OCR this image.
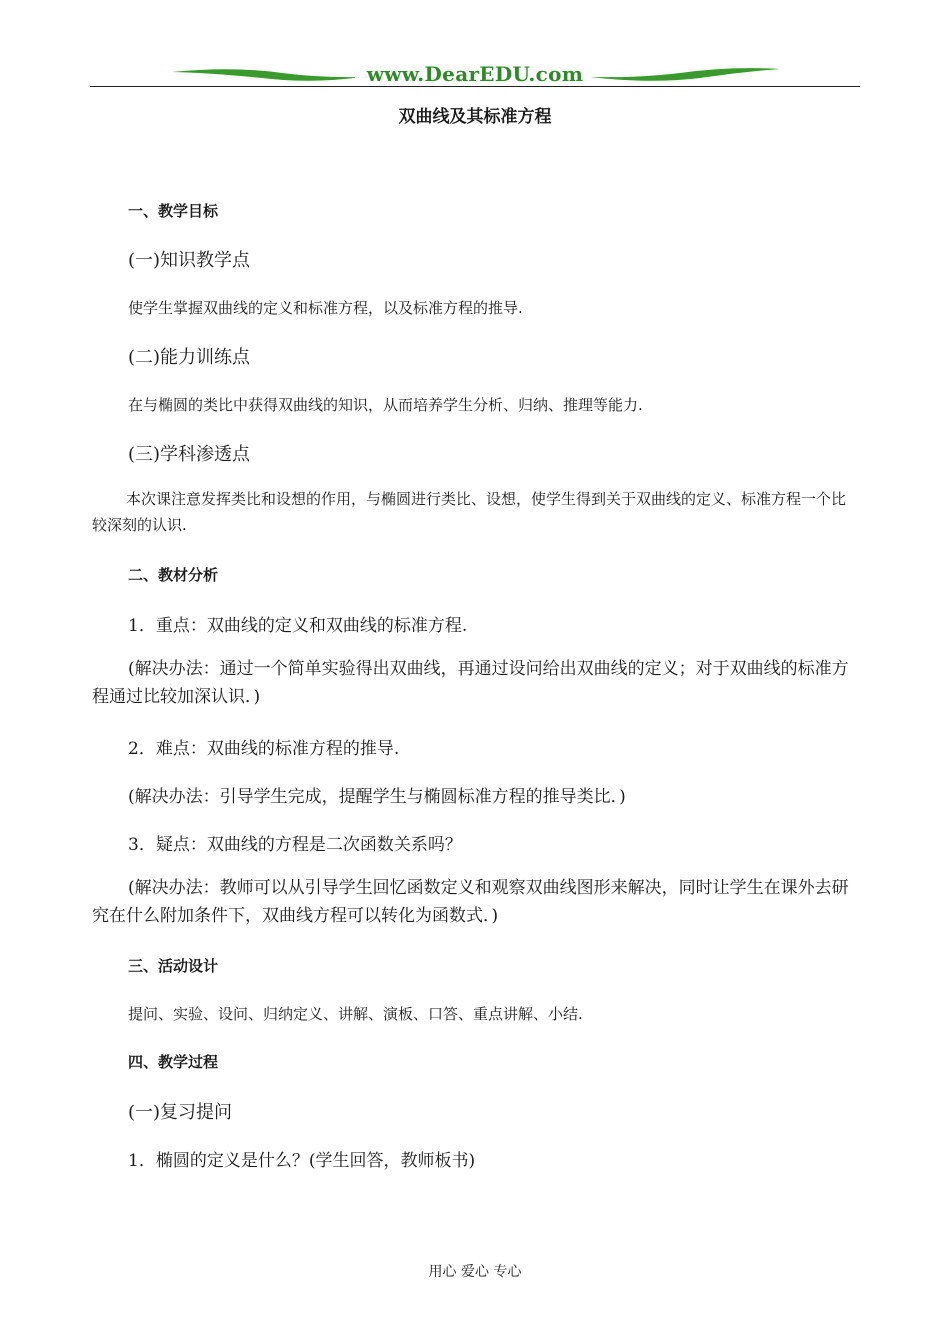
www.DearEDU.com
双曲线及其标准方程
一、教学目标
(一)知识教学点
使学生掌握双曲线的定义和标准方程，以及标准方程的推导.
(二)能力训练点
在与椭圆的类比中获得双曲线的知识，从而培养学生分析、归纳、推理等能力.
(三)学科渗透点
本次课注意发挥类比和设想的作用，与椭圆进行类比、设想，使学生得到关于双曲线的定义、标准方程一个比较深刻的认识.
二、教材分析
1．重点：双曲线的定义和双曲线的标准方程.
(解决办法：通过一个简单实验得出双曲线，再通过设问给出双曲线的定义；对于双曲线的标准方程通过比较加深认识．)
2．难点：双曲线的标准方程的推导.
(解决办法：引导学生完成，提醒学生与椭圆标准方程的推导类比．)
3．疑点：双曲线的方程是二次函数关系吗？
(解决办法：教师可以从引导学生回忆函数定义和观察双曲线图形来解决，同时让学生在课外去研究在什么附加条件下，双曲线方程可以转化为函数式．)
三、活动设计
提问、实验、设问、归纳定义、讲解、演板、口答、重点讲解、小结.
四、教学过程
(一)复习提问
1．椭圆的定义是什么？(学生回答，教师板书)
用心 爱心 专心
